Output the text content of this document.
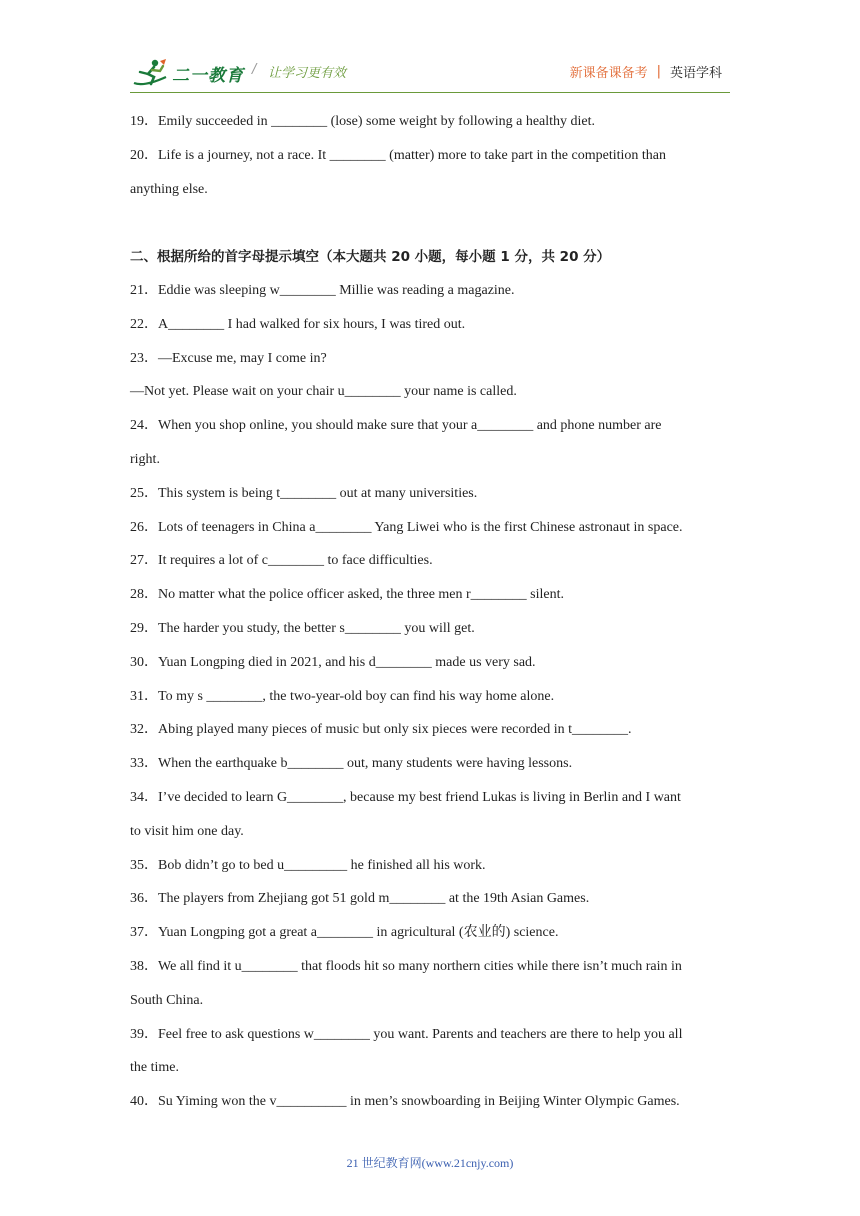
二一教育 / 让学习更有效	新课备课备考 | 英语学科
19．Emily succeeded in ________ (lose) some weight by following a healthy diet.
20．Life is a journey, not a race. It ________ (matter) more to take part in the competition than
anything else.
二、根据所给的首字母提示填空（本大题共 20 小题，每小题 1 分，共 20 分）
21．Eddie was sleeping w________ Millie was reading a magazine.
22．A________ I had walked for six hours, I was tired out.
23．—Excuse me, may I come in?
—Not yet. Please wait on your chair u________ your name is called.
24．When you shop online, you should make sure that your a________ and phone number are
right.
25．This system is being t________ out at many universities.
26．Lots of teenagers in China a________ Yang Liwei who is the first Chinese astronaut in space.
27．It requires a lot of c________ to face difficulties.
28．No matter what the police officer asked, the three men r________ silent.
29．The harder you study, the better s________ you will get.
30．Yuan Longping died in 2021, and his d________ made us very sad.
31．To my s ________, the two-year-old boy can find his way home alone.
32．Abing played many pieces of music but only six pieces were recorded in t________.
33．When the earthquake b________ out, many students were having lessons.
34．I’ve decided to learn G________, because my best friend Lukas is living in Berlin and I want
to visit him one day.
35．Bob didn’t go to bed u_________ he finished all his work.
36．The players from Zhejiang got 51 gold m________ at the 19th Asian Games.
37．Yuan Longping got a great a________ in agricultural (农业的) science.
38．We all find it u________ that floods hit so many northern cities while there isn’t much rain in
South China.
39．Feel free to ask questions w________ you want. Parents and teachers are there to help you all
the time.
40．Su Yiming won the v__________ in men’s snowboarding in Beijing Winter Olympic Games.
21 世纪教育网(www.21cnjy.com)
